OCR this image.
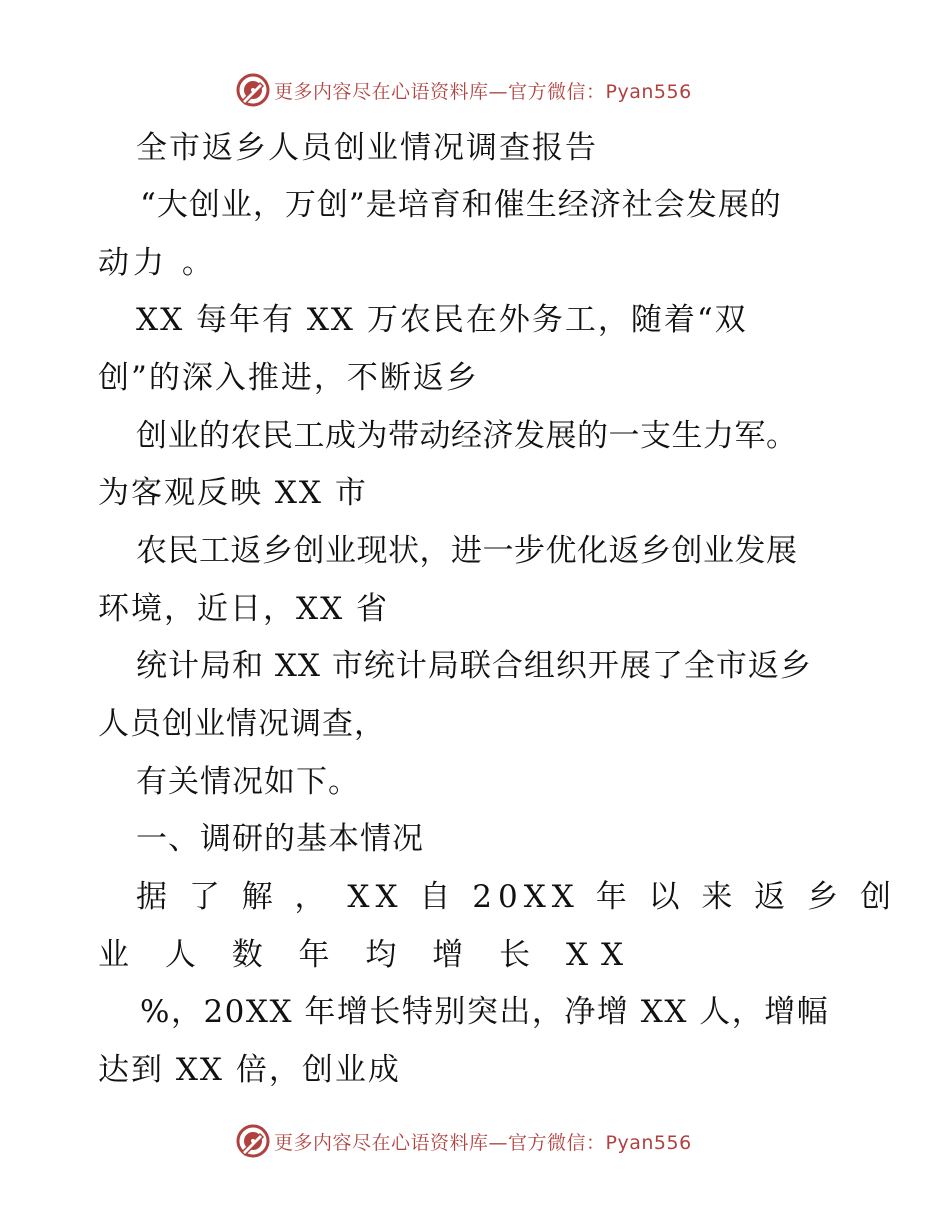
更多内容尽在心语资料库—官方微信：Pyan556
全市返乡人员创业情况调查报告
“大创业，万创”是培育和催生经济社会发展的
动力 。
XX 每年有 XX 万农民在外务工，随着“双
创”的深入推进，不断返乡
创业的农民工成为带动经济发展的一支生力军。
为客观反映 XX 市
农民工返乡创业现状，进一步优化返乡创业发展
环境，近日，XX 省
统计局和 XX 市统计局联合组织开展了全市返乡
人员创业情况调查，
有关情况如下。
一、调研的基本情况
据 了 解 ， XX 自 20XX 年 以 来 返 乡 创
业 人 数 年 均 增 长 XX
%，20XX 年增长特别突出，净增 XX 人，增幅
达到 XX 倍，创业成
更多内容尽在心语资料库—官方微信：Pyan556
